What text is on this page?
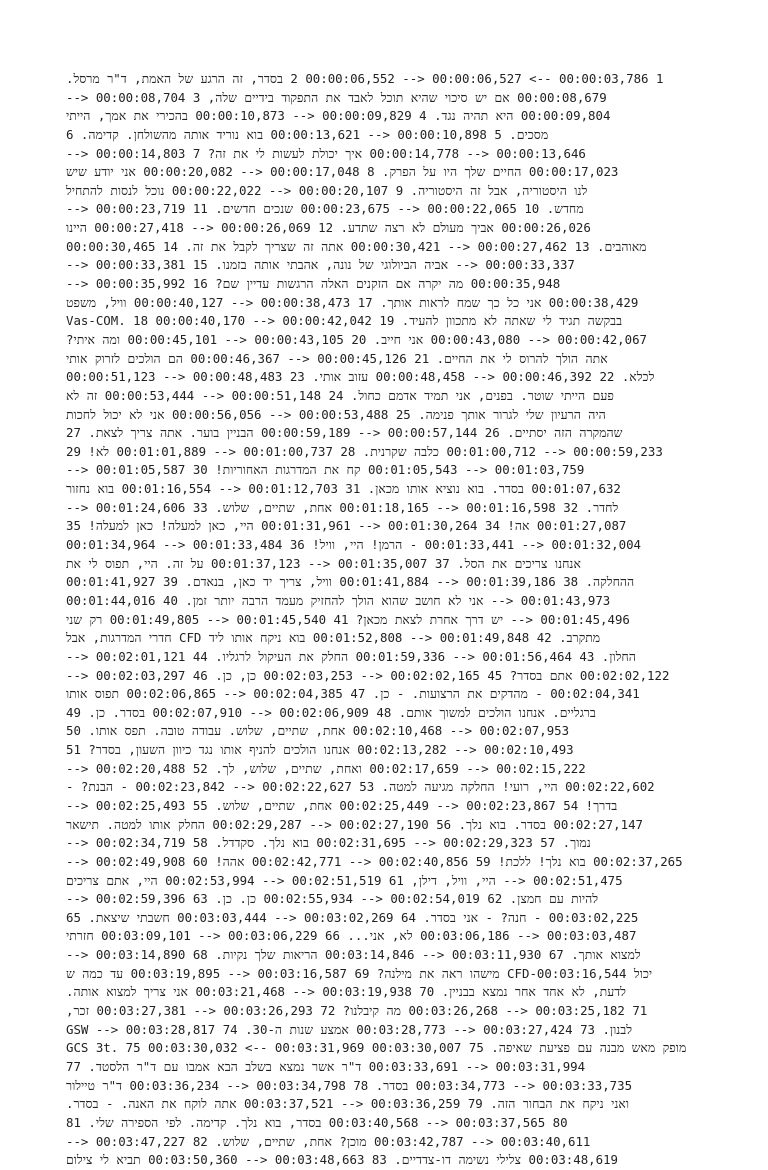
1 00:00:03,786 --> 00:00:06,527 <-- 00:00:06,552 2 בסדר, זה הרגע של האמת, ד"ר מרסל.
00:00:08,679 אם יש סיכוי שהיא תוכל לאבד את התפקוד בידיים שלה, 3 00:00:08,704 <--
00:00:09,804 היא תהיה נגד. 4 00:00:09,829 <-- 00:00:10,873 בהכירי את אמך, הייתי
מסכים. 5 00:00:10,898 <-- 00:00:13,621 בוא נוריד אותה מהשולחן. קדימה. 6
00:00:13,646 <-- 00:00:14,778 איך יכולת לעשות לי את זה? 7 00:00:14,803 <--
00:00:17,023 החיים שלך היו על הפרק. 8 00:00:17,048 <-- 00:00:20,082 אני יודע שיש
לנו היסטוריה, אבל זה היסטוריה. 9 00:00:20,107 <-- 00:00:22,022 נוכל לנסות להתחיל
מחדש. 10 00:00:22,065 <-- 00:00:23,675 שנכים חדשים. 11 00:00:23,719 <--
00:00:26,026 אביך מעולם לא רצה שתדע. 12 00:00:26,069 <-- 00:00:27,418 היינו
מאוהבים. 13 00:00:27,462 <-- 00:00:30,421 אתה זה שצריך לקבל את זה. 14 00:00:30,465
00:00:33,337 <-- אביה הביולוגי של נונה, אהבתי אותה בזמנו. 15 00:00:33,381 <--
00:00:35,948 מה יקרה אם הזקנים האלה הרגשות עדיין שם? 16 00:00:35,992 <--
00:00:38,429 אני כל כך שמח לראות אותך. 17 00:00:38,473 <-- 00:00:40,127 וויל, משפט
בבקשה תגיד לי שאתה לא מתכוון להעיד. 19 00:00:42,042 <-- 00:00:40,170 Vas-COM. 18
00:00:42,067 <-- 00:00:43,080 אני חייב. 20 00:00:43,105 <-- 00:00:45,101 ומה איתי?
אתה הולך להרוס לי את החיים. 21 00:00:45,126 <-- 00:00:46,367 הם הולכים לזרוק אותי
לכלא. 22 00:00:46,392 <-- 00:00:48,458 עזוב אותי. 23 00:00:48,483 <-- 00:00:51,123
פעם הייתי שוטר. בפנים, אני תמיד אדמם כחול. 24 00:00:51,148 <-- 00:00:53,444 זה לא
היה הרעיון שלי לגרור אותך פנימה. 25 00:00:53,488 <-- 00:00:56,056 אני לא יכול לחכות
שהמקרה הזה יסתיים. 26 00:00:57,144 <-- 00:00:59,189 הבניין בוער. אתה צריך לצאת. 27
00:00:59,233 <-- 00:01:00,712 כלבה שקרנית. 28 00:01:00,737 <-- 00:01:01,889 לא! 29
00:01:03,759 <-- 00:01:05,543 קח את המדרגות האחוריות! 30 00:01:05,587 <--
00:01:07,632 בסדר. בוא נוציא אותו מכאן. 31 00:01:12,703 <-- 00:01:16,554 בוא נחזור
לחדר. 32 00:01:16,598 <-- 00:01:18,165 אחת, שתיים, שלוש. 33 00:01:24,606 <--
00:01:27,087 אה! 34 00:01:30,264 <-- 00:01:31,961 היי, כאן למעלה! כאן למעלה! 35
00:01:32,004 <-- 00:01:33,441 - הרמן! היי, וויל! 36 00:01:33,484 <-- 00:01:34,964
אנחנו צריכים את הסל. 37 00:01:35,007 <-- 00:01:37,123 על זה. היי, תפוס לי את
ההחלקה. 38 00:01:39,186 <-- 00:01:41,884 וויל, צריך יד כאן, בנאדם. 39 00:01:41,927
00:01:43,973 <-- אני לא חושב שהוא הולך להחזיק מעמד הרבה יותר זמן. 40 00:01:44,016
00:01:45,496 <-- יש דרך אחרת לצאת מכאן? 41 00:01:45,540 <-- 00:01:49,805 רק שני
מתקרב. 42 00:01:49,848 <-- 00:01:52,808 בוא ניקח אותו ליד CFD חדרי המדרגות, אבל
החלון. 43 00:01:56,464 <-- 00:01:59,336 החלק את העיקול לרגליו. 44 00:02:01,121 <--
00:02:02,122 אתם בסדר? 45 00:02:02,165 <-- 00:02:03,253 כן, כן. 46 00:02:03,297 <--
00:02:04,341 - מהדקים את הרצועות. - כן. 47 00:02:04,385 <-- 00:02:06,865 תפוס אותו
ברגליים. אנחנו הולכים למשוך אותם. 48 00:02:06,909 <-- 00:02:07,910 בסדר. כן. 49
00:02:07,953 <-- 00:02:10,468 אחת, שתיים, שלוש. עבודה טובה. תפס אותו. 50
00:02:10,493 <-- 00:02:13,282 אנחנו הולכים להניף אותו נגד כיוון השעון, בסדר? 51
00:02:15,222 <-- 00:02:17,659 ואחת, שתיים, שלוש, לך. 52 00:02:20,488 <--
00:02:22,602 היי, רועי! החלקה מגיעה למטה. 53 00:02:22,627 <-- 00:02:23,842 - הבנת? -
בדרך! 54 00:02:23,867 <-- 00:02:25,449 אחת, שתיים, שלוש. 55 00:02:25,493 <--
00:02:27,147 בסדר. בוא נלך. 56 00:02:27,190 <-- 00:02:29,287 החלק אותו למטה. תישאר
נמוך. 57 00:02:29,323 <-- 00:02:31,695 בוא נלך. סקדדל. 58 00:02:34,719 <--
00:02:37,265 בוא נלך! ללכת! 59 00:02:40,856 <-- 00:02:42,771 אהה! 60 00:02:49,908 <--
00:02:51,475 <-- היי, וויל, דילן, 61 00:02:51,519 <-- 00:02:53,994 היי, אתם צריכים
להיות עם חמצן. 62 00:02:54,019 <-- 00:02:55,934 כן. כן. 63 00:02:59,396 <--
00:03:02,225 - חנה? - אני בסדר. 64 00:03:02,269 <-- 00:03:03,444 חשבתי שיצאת. 65
00:03:03,487 <-- 00:03:06,186 לא, אני... 66 00:03:06,229 <-- 00:03:09,101 חזרתי
למצוא אותך. 67 00:03:11,930 <-- 00:03:14,846 הריאות שלך נקיות. 68 00:03:14,890 <--
יכול 00:03:16,544-CFD מישהו ראה את מילנה? 69 00:03:16,587 <-- 00:03:19,895 עד כמה ש
לדעת, לא אחד אחר נמצא בבניין. 70 00:03:19,938 <-- 00:03:21,468 אני צריך למצוא אותה.
71 00:03:25,182 <-- 00:03:26,268 מה קיבלנו? 72 00:03:26,293 <-- 00:03:27,381 זכר,
לבנון. 73 00:03:27,424 <-- 00:03:28,773 אמצע שנות ה-30. 74 00:03:28,817 <-- GSW
מופק מאש מבנה עם פציעת שאיפה. 75 00:03:30,007 GCS 3t. 75 00:03:30,032 <-- 00:03:31,969
00:03:31,994 <-- 00:03:33,691 ד"ר אשר נמצא בשלב הבא אמבו עם ד"ר הלסטד. 77
00:03:33,735 <-- 00:03:34,773 בסדר. 78 00:03:34,798 <-- 00:03:36,234 ד"ר טיילור
ואני ניקח את הבחור הזה. 79 00:03:36,259 <-- 00:03:37,521 אתה לוקח את האנה. - בסדר.
80 00:03:37,565 <-- 00:03:40,568 בסדר, בוא נלך. קדימה. לפי הספירה שלי. 81
00:03:40,611 <-- 00:03:42,787 מוכן? אחת, שתיים, שלוש. 82 00:03:47,227 <--
00:03:48,619 צלילי נשימה דו-צדדיים. 83 00:03:48,663 <-- 00:03:50,360 תביא לי צילום
